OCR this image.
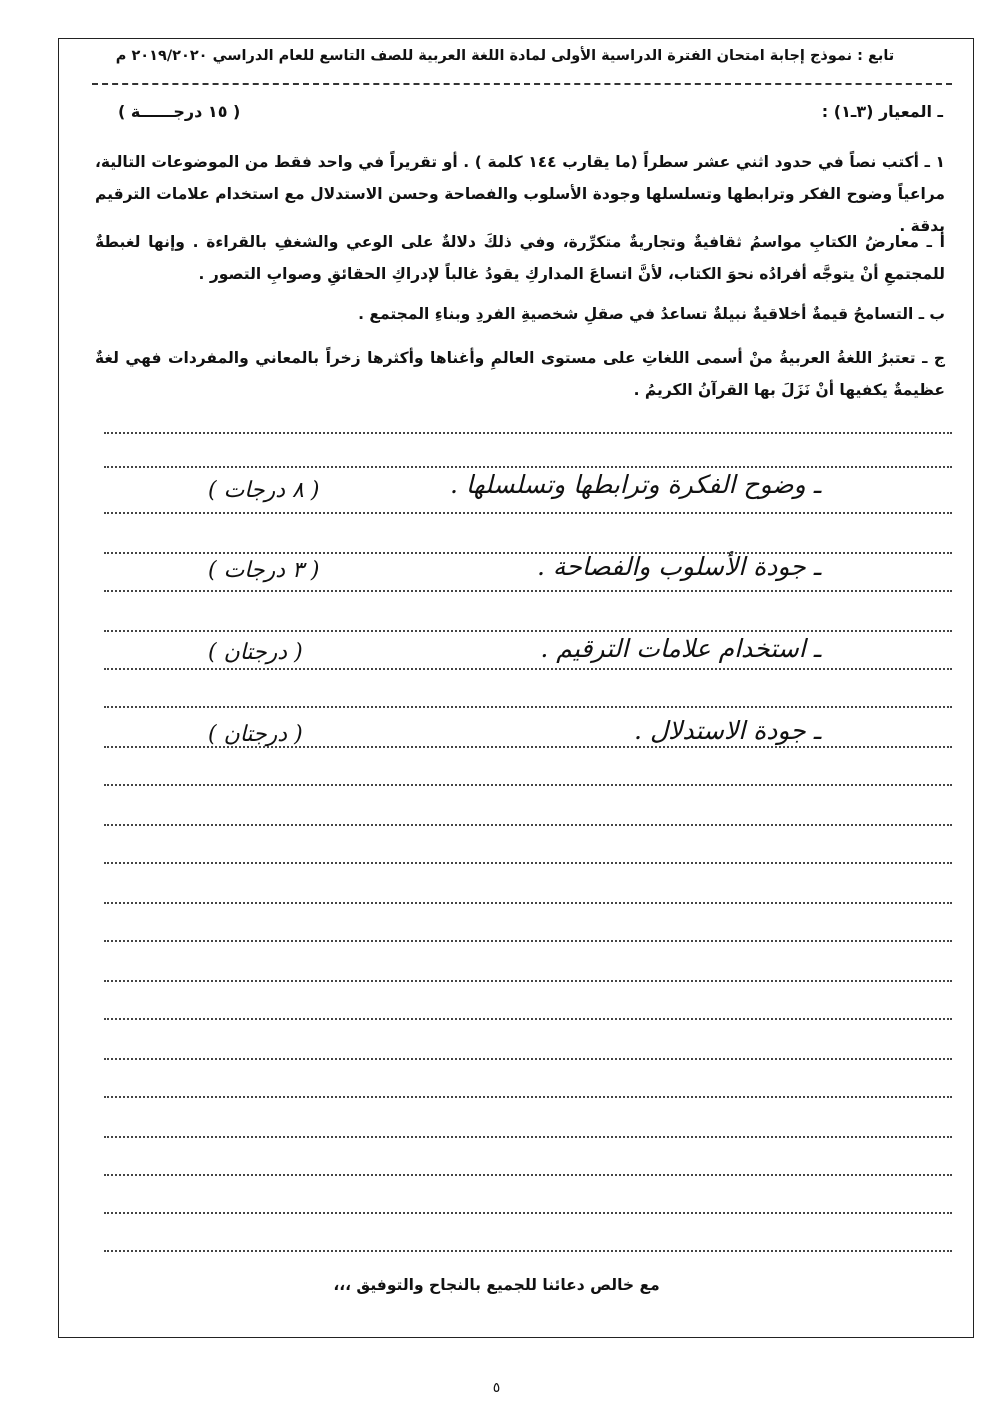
تابع : نموذج إجابة امتحان الفترة الدراسية الأولى لمادة اللغة العربية للصف التاسع للعام الدراسي ٢٠١٩/٢٠٢٠ م
ـ المعيار (٣ـ١) :
( ١٥ درجــــــة )
١ ـ أكتب نصاً في حدود اثني عشر سطراً (ما يقارب ١٤٤ كلمة ) . أو تقريراً في واحد فقط من الموضوعات التالية، مراعياً وضوح الفكر وترابطها وتسلسلها وجودة الأسلوب والفصاحة وحسن الاستدلال مع استخدام علامات الترقيم بدقة .
أ ـ معارضُ الكتابِ مواسمُ ثقافيةٌ وتجاريةٌ متكرِّرة، وفي ذلكَ دلالةٌ على الوعي والشغفِ بالقراءة . وإنها لغبطةٌ للمجتمعِ أنْ يتوجَّه أفرادُه نحوَ الكتاب، لأنَّ اتساعَ المداركِ يقودُ غالباً لإدراكِ الحقائقِ وصوابِ التصور .
ب ـ التسامحُ قيمةٌ أخلاقيةٌ نبيلةٌ تساعدُ في صقلِ شخصيةِ الفردِ وبناءِ المجتمع .
ج ـ تعتبرُ اللغةُ العربيةُ منْ أسمى اللغاتِ على مستوى العالمِ وأغناها وأكثرها زخراً بالمعاني والمفردات فهي لغةٌ عظيمةٌ يكفيها أنْ نَزَلَ بها القرآنُ الكريمُ .
ـ وضوح الفكرة وترابطها وتسلسلها .
( ٨ درجات )
ـ جودة الأسلوب والفصاحة .
( ٣ درجات )
ـ استخدام علامات الترقيم .
( درجتان )
ـ جودة الاستدلال .
( درجتان )
مع خالص دعائنا للجميع بالنجاح والتوفيق ،،،
٥
